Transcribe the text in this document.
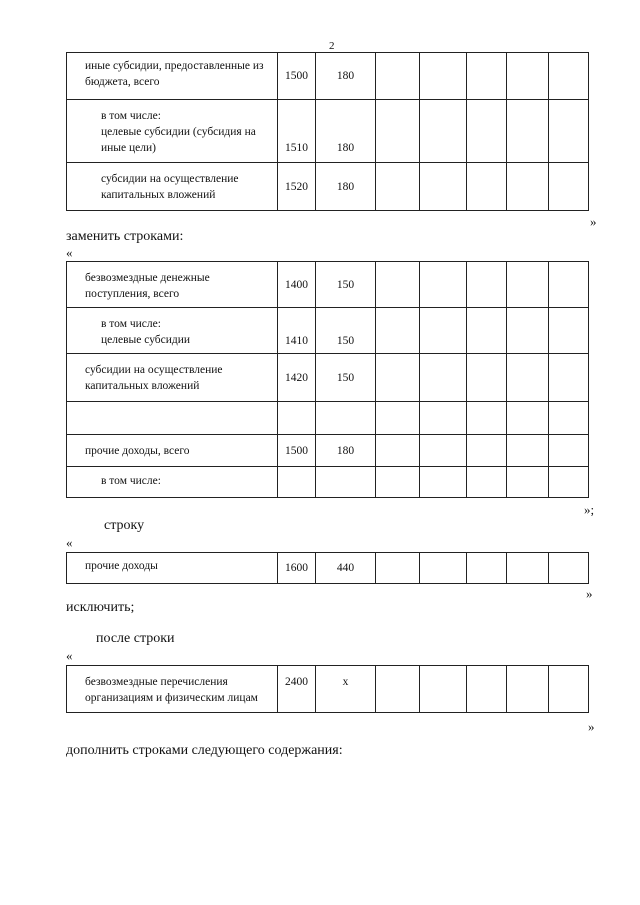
2
иные субсидии, предоставленные из бюджета, всего	1500	180					
в том числе:
целевые субсидии (субсидия на иные цели)	1510	180					
субсидии на осуществление капитальных вложений	1520	180					
»
заменить строками:
«
безвозмездные денежные поступления, всего	1400	150					
в том числе:
целевые субсидии	1410	150					
субсидии на осуществление капитальных вложений	1420	150					

прочие доходы, всего	1500	180					
в том числе:							
»;
строку
«
прочие доходы	1600	440					
»
исключить;
после строки
«
безвозмездные перечисления организациям и физическим лицам	2400	x					
»
дополнить строками следующего содержания:
